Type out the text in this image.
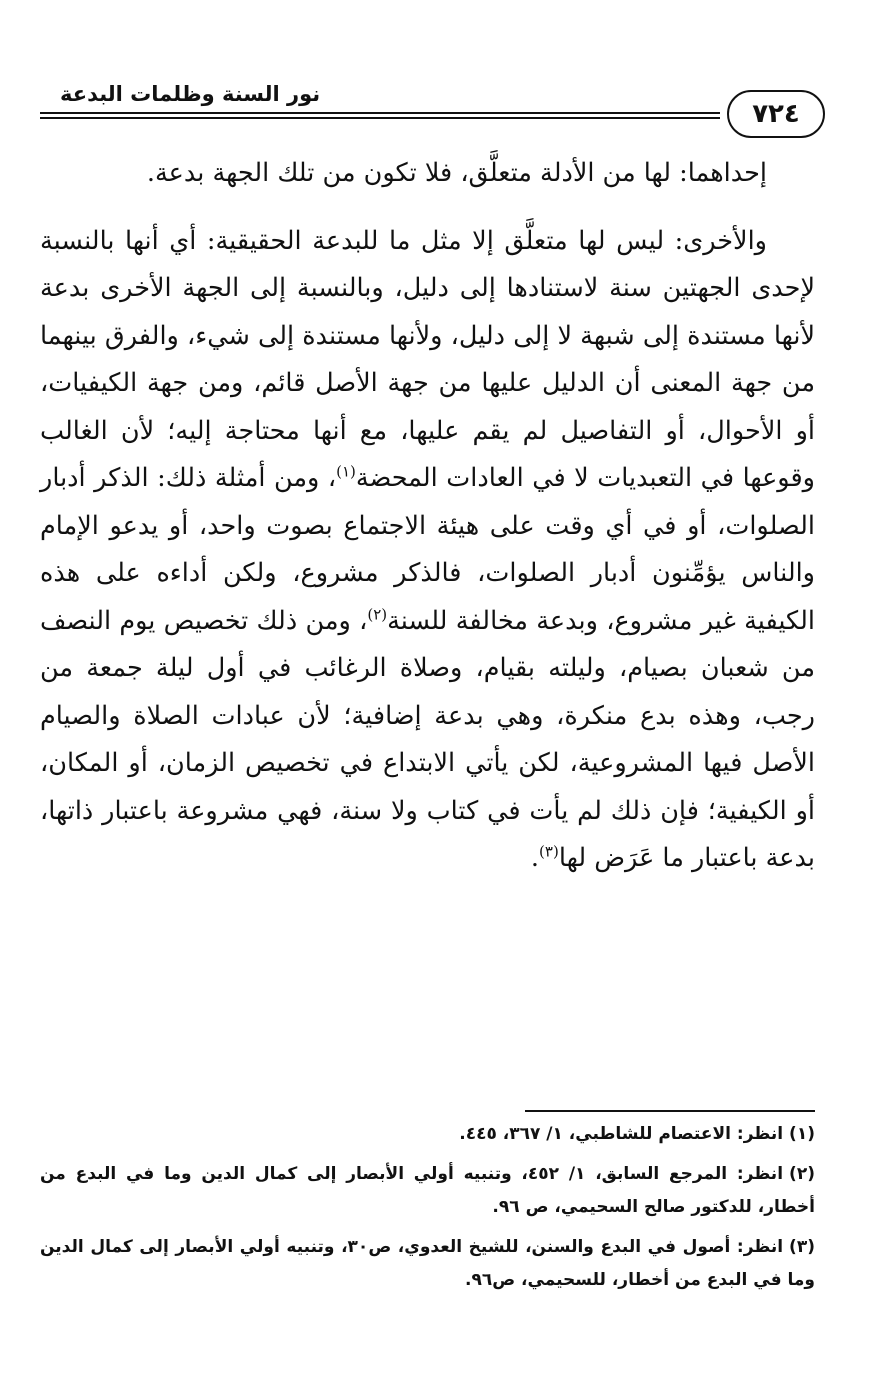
نور السنة وظلمات البدعة
٧٢٤

إحداهما: لها من الأدلة متعلَّق، فلا تكون من تلك الجهة بدعة.

والأخرى: ليس لها متعلَّق إلا مثل ما للبدعة الحقيقية: أي أنها بالنسبة لإحدى الجهتين سنة لاستنادها إلى دليل، وبالنسبة إلى الجهة الأخرى بدعة لأنها مستندة إلى شبهة لا إلى دليل، ولأنها مستندة إلى شيء، والفرق بينهما من جهة المعنى أن الدليل عليها من جهة الأصل قائم، ومن جهة الكيفيات، أو الأحوال، أو التفاصيل لم يقم عليها، مع أنها محتاجة إليه؛ لأن الغالب وقوعها في التعبديات لا في العادات المحضة$^{(١)}$، ومن أمثلة ذلك: الذكر أدبار الصلوات، أو في أي وقت على هيئة الاجتماع بصوت واحد، أو يدعو الإمام والناس يؤمِّنون أدبار الصلوات، فالذكر مشروع، ولكن أداءه على هذه الكيفية غير مشروع، وبدعة مخالفة للسنة$^{(٢)}$، ومن ذلك تخصيص يوم النصف من شعبان بصيام، وليلته بقيام، وصلاة الرغائب في أول ليلة جمعة من رجب، وهذه بدع منكرة، وهي بدعة إضافية؛ لأن عبادات الصلاة والصيام الأصل فيها المشروعية، لكن يأتي الابتداع في تخصيص الزمان، أو المكان، أو الكيفية؛ فإن ذلك لم يأت في كتاب ولا سنة، فهي مشروعة باعتبار ذاتها، بدعة باعتبار ما عَرَض لها$^{(٣)}$.

(١)انظر: الاعتصام للشاطبي، ١/ ٣٦٧، ٤٤٥.

(٢)انظر: المرجع السابق، ١/ ٤٥٢، وتنبيه أولي الأبصار إلى كمال الدين وما في البدع من أخطار، للدكتور صالح السحيمي، ص ٩٦.

(٣)انظر: أصول في البدع والسنن، للشيخ العدوي، ص٣٠، وتنبيه أولي الأبصار إلى كمال الدين وما في البدع من أخطار، للسحيمي، ص٩٦.
